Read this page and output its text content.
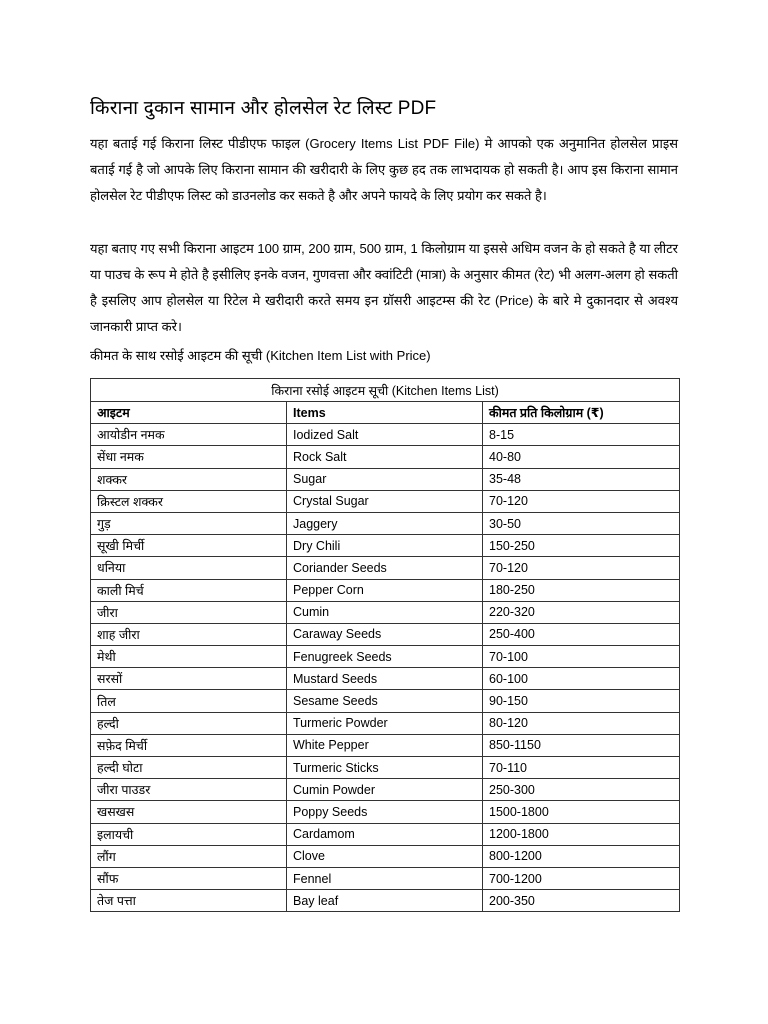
किराना दुकान सामान और होलसेल रेट लिस्ट PDF

यहा बताई गई किराना लिस्ट पीडीएफ फाइल (Grocery Items List PDF File) मे आपको एक अनुमानित होलसेल प्राइस बताई गई है जो आपके लिए किराना सामान की खरीदारी के लिए कुछ हद तक लाभदायक हो सकती है। आप इस किराना सामान होलसेल रेट पीडीएफ लिस्ट को डाउनलोड कर सकते है और अपने फायदे के लिए प्रयोग कर सकते है।

यहा बताए गए सभी किराना आइटम 100 ग्राम, 200 ग्राम, 500 ग्राम, 1 किलोग्राम या इससे अधिम वजन के हो सकते है या लीटर या पाउच के रूप मे होते है इसीलिए इनके वजन, गुणवत्ता और क्वांटिटी (मात्रा) के अनुसार कीमत (रेट) भी अलग-अलग हो सकती है इसलिए आप होलसेल या रिटेल मे खरीदारी करते समय इन ग्रॉसरी आइटम्स की रेट (Price) के बारे मे दुकानदार से अवश्य जानकारी प्राप्त करे।

कीमत के साथ रसोई आइटम की सूची (Kitchen Item List with Price)

किराना रसोई आइटम सूची (Kitchen Items List)		
आइटम	Items	कीमत प्रति किलोग्राम (₹)
आयोडीन नमक	Iodized Salt	8-15
सेंधा नमक	Rock Salt	40-80
शक्कर	Sugar	35-48
क्रिस्टल शक्कर	Crystal Sugar	70-120
गुड़	Jaggery	30-50
सूखी मिर्ची	Dry Chili	150-250
धनिया	Coriander Seeds	70-120
काली मिर्च	Pepper Corn	180-250
जीरा	Cumin	220-320
शाह जीरा	Caraway Seeds	250-400
मेथी	Fenugreek Seeds	70-100
सरसों	Mustard Seeds	60-100
तिल	Sesame Seeds	90-150
हल्दी	Turmeric Powder	80-120
सफ़ेद मिर्ची	White Pepper	850-1150
हल्दी घोटा	Turmeric Sticks	70-110
जीरा पाउडर	Cumin Powder	250-300
खसखस	Poppy Seeds	1500-1800
इलायची	Cardamom	1200-1800
लौंग	Clove	800-1200
सौंफ	Fennel	700-1200
तेज पत्ता	Bay leaf	200-350
